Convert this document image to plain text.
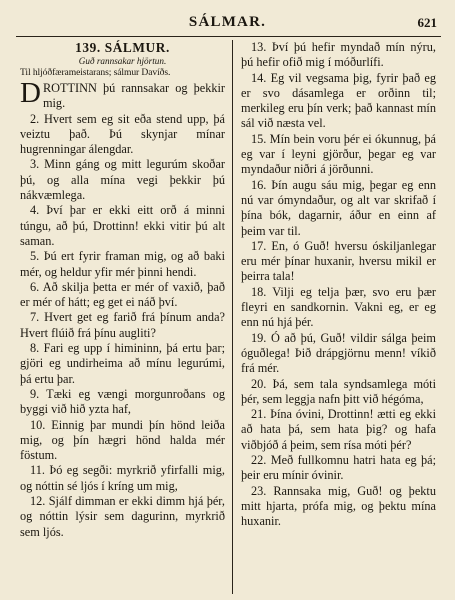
SÁLMAR.	621
139. SÁLMUR.
Guð rannsakar hjörtun.
Til hljóðfærameistarans; sálmur Davíðs.

DROTTINN þú rannsakar og þekkir mig.

2. Hvert sem eg sit eða stend upp, þá veiztu það. Þú skynjar mínar hugrenningar álengdar.

3. Minn gáng og mitt legurúm skoðar þú, og alla mína vegi þekkir þú nákvæmlega.

4. Því þar er ekki eitt orð á minni túngu, að þú, Drottinn! ekki vitir þú alt saman.

5. Þú ert fyrir framan mig, og að baki mér, og heldur yfir mér þinni hendi.

6. Að skilja þetta er mér of vaxið, það er mér of hátt; eg get ei náð því.

7. Hvert get eg farið frá þínum anda? Hvert flúið frá þínu augliti?

8. Fari eg upp í himininn, þá ertu þar; gjöri eg undirheima að mínu legurúmi, þá ertu þar.

9. Tæki eg vængi morgunroðans og byggi við hið yzta haf,

10. Einnig þar mundi þín hönd leiða mig, og þín hægri hönd halda mér föstum.

11. Þó eg segði: myrkrið yfirfalli mig, og nóttin sé ljós í kríng um mig,

12. Sjálf dimman er ekki dimm hjá þér, og nóttin lýsir sem dagurinn, myrkrið sem ljós.

13. Því þú hefir myndað mín nýru, þú hefir ofið mig í móðurlífi.

14. Eg vil vegsama þig, fyrir það eg er svo dásamlega er orðinn til; merkileg eru þín verk; það kannast mín sál við næsta vel.

15. Mín bein voru þér ei ókunnug, þá eg var í leyni gjörður, þegar eg var myndaður niðri á jörðunni.

16. Þín augu sáu mig, þegar eg enn nú var ómyndaður, og alt var skrifað í þína bók, dagarnir, áður en einn af þeim var til.

17. En, ó Guð! hversu óskiljanlegar eru mér þínar huxanir, hversu mikil er þeirra tala!

18. Vilji eg telja þær, svo eru þær fleyri en sandkornin. Vakni eg, er eg enn nú hjá þér.

19. Ó að þú, Guð! vildir sálga þeim óguðlega! Þið drápgjörnu menn! víkið frá mér.

20. Þá, sem tala syndsamlega móti þér, sem leggja nafn þitt við hégóma,

21. Þína óvini, Drottinn! ætti eg ekki að hata þá, sem hata þig? og hafa viðbjóð á þeim, sem rísa móti þér?

22. Með fullkomnu hatri hata eg þá; þeir eru mínir óvinir.

23. Rannsaka mig, Guð! og þektu mitt hjarta, prófa mig, og þektu mína huxanir.
